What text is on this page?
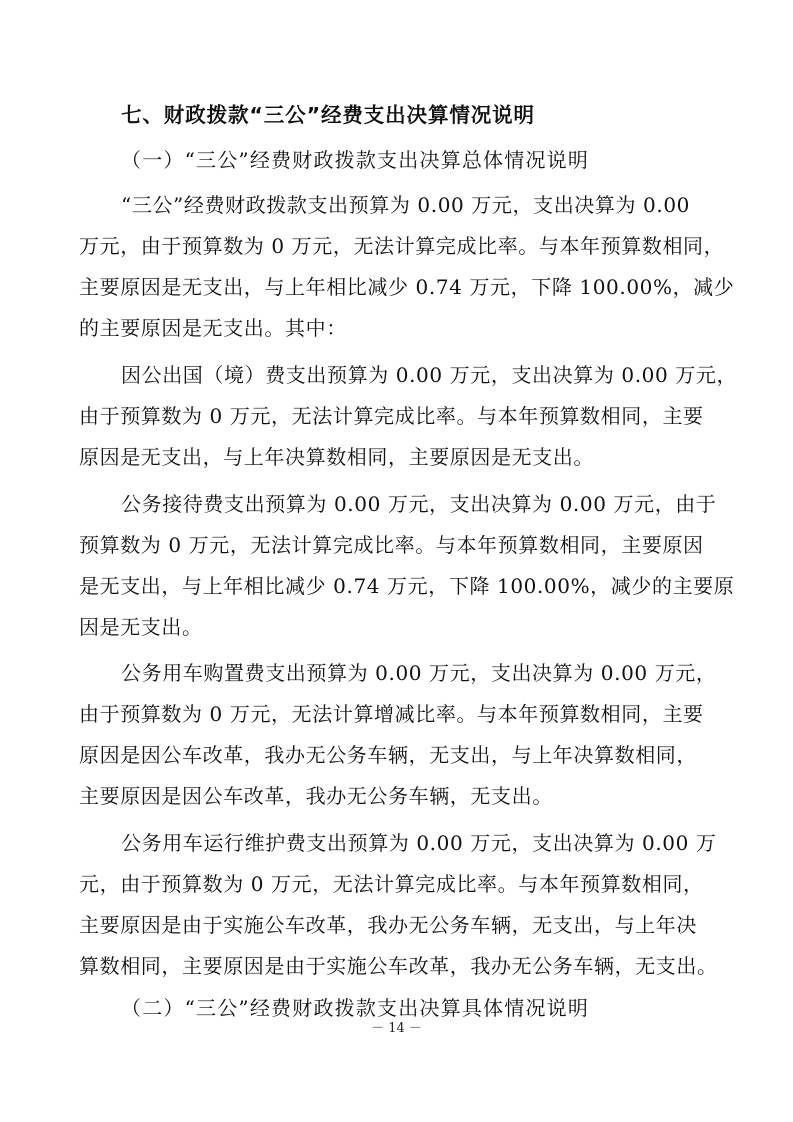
七、财政拨款“三公”经费支出决算情况说明
（一）“三公”经费财政拨款支出决算总体情况说明
“三公”经费财政拨款支出预算为 0.00 万元，支出决算为 0.00
万元，由于预算数为 0 万元，无法计算完成比率。与本年预算数相同，
主要原因是无支出，与上年相比减少 0.74 万元，下降 100.00%，减少
的主要原因是无支出。其中：
因公出国（境）费支出预算为 0.00 万元，支出决算为 0.00 万元，
由于预算数为 0 万元，无法计算完成比率。与本年预算数相同，主要
原因是无支出，与上年决算数相同，主要原因是无支出。
公务接待费支出预算为 0.00 万元，支出决算为 0.00 万元，由于
预算数为 0 万元，无法计算完成比率。与本年预算数相同，主要原因
是无支出，与上年相比减少 0.74 万元，下降 100.00%，减少的主要原
因是无支出。
公务用车购置费支出预算为 0.00 万元，支出决算为 0.00 万元，
由于预算数为 0 万元，无法计算增减比率。与本年预算数相同，主要
原因是因公车改革，我办无公务车辆，无支出，与上年决算数相同，
主要原因是因公车改革，我办无公务车辆，无支出。
公务用车运行维护费支出预算为 0.00 万元，支出决算为 0.00 万
元，由于预算数为 0 万元，无法计算完成比率。与本年预算数相同，
主要原因是由于实施公车改革，我办无公务车辆，无支出，与上年决
算数相同，主要原因是由于实施公车改革，我办无公务车辆，无支出。
（二）“三公”经费财政拨款支出决算具体情况说明
－ 14 －
